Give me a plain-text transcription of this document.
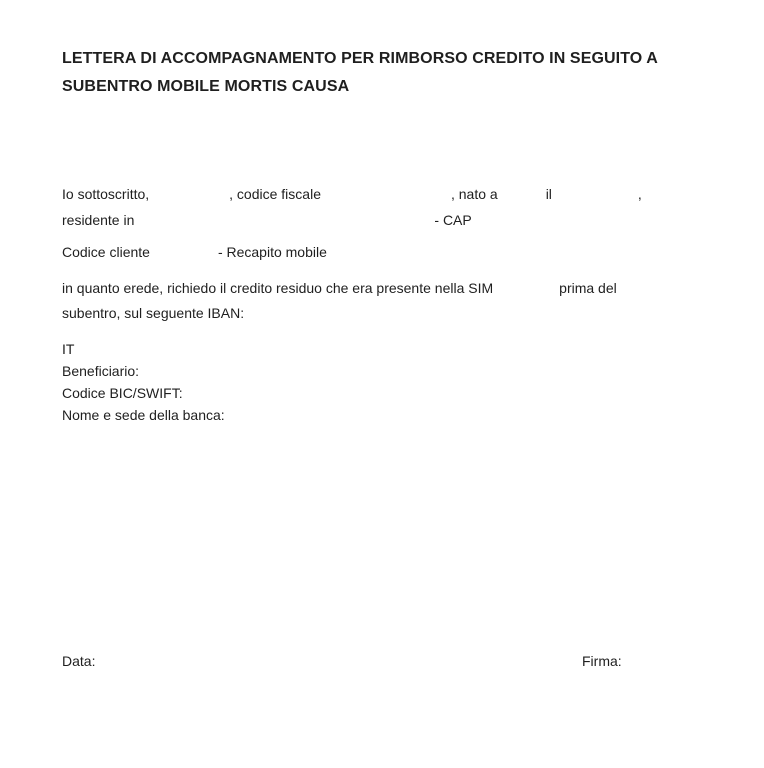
LETTERA DI ACCOMPAGNAMENTO PER RIMBORSO CREDITO IN SEGUITO A
SUBENTRO MOBILE MORTIS CAUSA
Io sottoscritto,	, codice fiscale	, nato a	il	,
residente in	- CAP
Codice cliente	- Recapito mobile
in quanto erede, richiedo il credito residuo che era presente nella SIM	prima del
subentro, sul seguente IBAN:
IT
Beneficiario:
Codice BIC/SWIFT:
Nome e sede della banca:
Data:	Firma:
